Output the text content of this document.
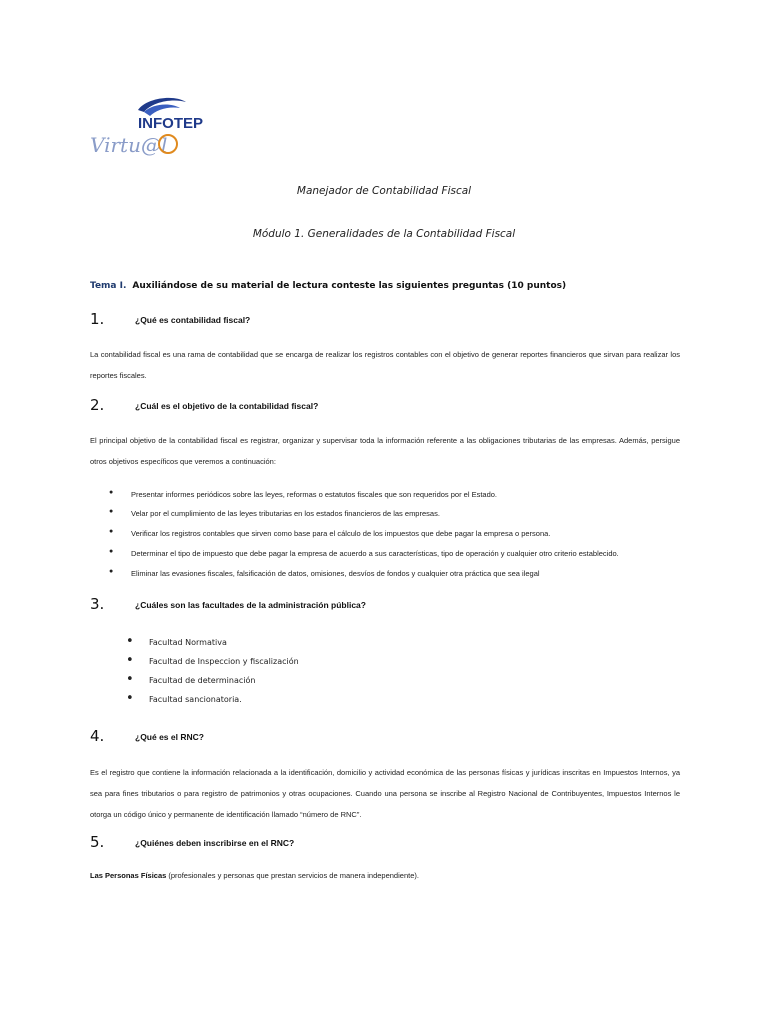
INFOTEP
Virtu@l
Manejador de Contabilidad Fiscal
Módulo 1. Generalidades de la Contabilidad Fiscal
Tema I. Auxiliándose de su material de lectura conteste las siguientes preguntas (10 puntos)
1.	¿Qué es contabilidad fiscal?
La contabilidad fiscal es una rama de contabilidad que se encarga de realizar los registros contables con el objetivo de generar reportes financieros que sirvan para realizar los reportes fiscales.
2.	¿Cuál es el objetivo de la contabilidad fiscal?
El principal objetivo de la contabilidad fiscal es registrar, organizar y supervisar toda la información referente a las obligaciones tributarias de las empresas. Además, persigue otros objetivos específicos que veremos a continuación:
● Presentar informes periódicos sobre las leyes, reformas o estatutos fiscales que son requeridos por el Estado.
● Velar por el cumplimiento de las leyes tributarias en los estados financieros de las empresas.
● Verificar los registros contables que sirven como base para el cálculo de los impuestos que debe pagar la empresa o persona.
● Determinar el tipo de impuesto que debe pagar la empresa de acuerdo a sus características, tipo de operación y cualquier otro criterio establecido.
● Eliminar las evasiones fiscales, falsificación de datos, omisiones, desvíos de fondos y cualquier otra práctica que sea ilegal
3.	¿Cuáles son las facultades de la administración pública?
• Facultad Normativa
• Facultad de Inspeccion y fiscalización
• Facultad de determinación
• Facultad sancionatoria.
4.	¿Qué es el RNC?
Es el registro que contiene la información relacionada a la identificación, domicilio y actividad económica de las personas físicas y jurídicas inscritas en Impuestos Internos, ya sea para fines tributarios o para registro de patrimonios y otras ocupaciones. Cuando una persona se inscribe al Registro Nacional de Contribuyentes, Impuestos Internos le otorga un código único y permanente de identificación llamado “número de RNC”.
5.	¿Quiénes deben inscribirse en el RNC?
Las Personas Físicas (profesionales y personas que prestan servicios de manera independiente).
